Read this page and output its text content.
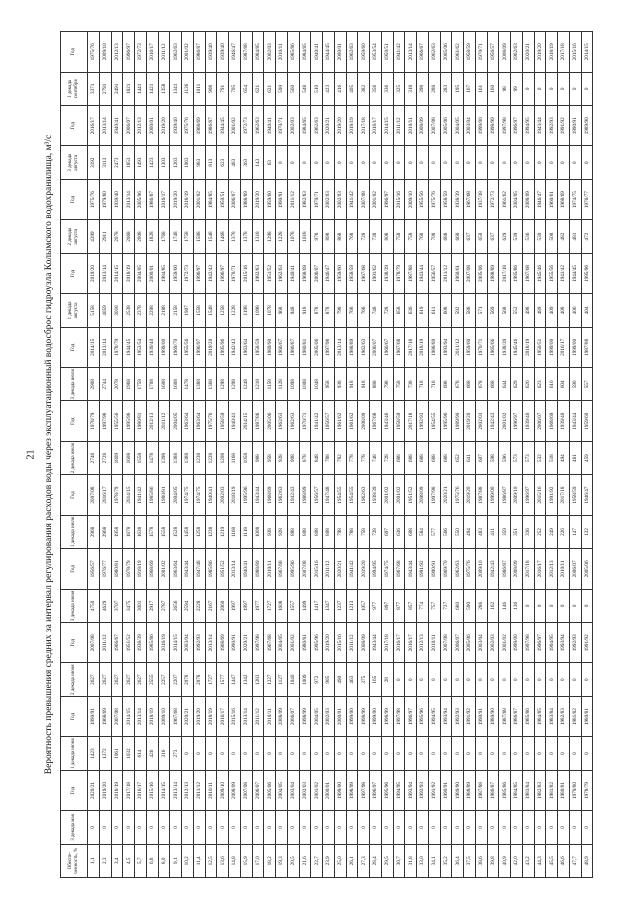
21 Вероятность превышения средних за интервал регулирования расходов воды через эксплуатационный водосброс гидроузла Колымского водохранилища, м³/с
Обеспе-ченность, %	3 декада мая	Год	1 декада июня	Год	2 декада июня	Год	3 декада июня	Год	1 декада июля	Год	2 декада июля	Год	3 декада июля	Год	1 декада августа	Год	2 декада августа	Год	3 декада августа	Год	1 декада сентября	Год
1,1	0	2020/21	1423	1990/91	2627	2007/08	4750	1956/57	2968	2007/08	2748	1978/79	2908	2014/15	5158	2019/20	4399	1975/76	3192	2016/17	3371	1975/76
2,3	0	2019/20	1372	1968/69	2627	2011/12	4629	1976/77	2968	2016/17	2728	1997/98	2744	2013/14	4059	2013/14	2911	1979/80	3113	2013/14	2791	2009/10
3,4	0	2018/19	1061	2007/08	2627	1966/67	3707	1980/81	1958	1978/79	1809	1955/56	2078	1978/79	3018	2014/15	2078	1939/40	2473	1940/41	2491	2012/13
4,5	0	2017/18	1032	2014/15	2627	1951/52	3475	1978/79	1878	2014/15	1608	1995/96	1968	1944/45	2538	2018/19	2068	2013/14	1853	2006/07	1821	1996/97
5,7	0	2016/17	614	2013/14	2627	1938/39	3001	1918/19	1638	1941/42	1558	1980/81	1758	1953/54	2378	2004/05	2008	2005/06	1493	2012/13	1441	1972/73
6,8	0	2015/16	426	2018/19	2555	1985/86	2917	1968/69	1578	1985/86	1478	2012/13	1708	1939/40	2208	2000/01	1828	1986/87	1423	2000/01	1421	2016/17
8,0	0	2014/15	316	2009/10	2257	2018/19	2787	2001/02	1558	1980/81	1398	2011/12	1608	1999/00	2188	1984/85	1768	2016/17	1303	2019/20	1358	2011/12
9,1	0	2013/14	273	1967/68	2207	2014/15	2656	1963/64	1528	2004/05	1388	2004/05	1608	1969/70	2158	1959/60	1748	2019/20	1263	1939/40	1341	1962/63
10,2	0	2012/13	0	2020/21	2078	2003/04	2594	1943/44	1458	1974/75	1388	1963/64	1478	1955/56	1907	1972/73	1758	2018/19	1063	1975/76	1126	2001/02
11,4	0	2011/12	0	2019/20	2078	1992/93	2228	1947/48	1258	1974/75	1238	1963/64	1388	1996/97	1558	1996/97	1588	2001/02	983	1968/69	1011	1986/87
12,5	0	2010/11	0	2018/19	1727	2013/14	2167	1985/86	1238	1940/41	1228	1975/76	1368	2019/20	1548	1942/43	1548	1984/85	813	1986/87	908	1939/40
13,6	0	2009/10	0	2016/17	1577	1968/69	2060	1951/52	1219	2002/03	1208	1958/59	1298	1995/96	1258	1996/97	1468	1950/51	623	1944/45	791	1939/40
14,8	0	2008/09	0	2015/16	1447	1990/91	1997	2013/14	1168	2018/19	1168	1940/41	1298	1942/43	1228	1970/71	1378	2006/07	483	2001/02	705	1946/47
15,9	0	2007/08	0	2013/14	1342	2020/21	1997	1940/41	1118	1995/96	1058	2014/15	1248	1963/64	1198	2015/16	1378	1988/89	363	1972/73	654	1987/88
17,0	0	2006/07	0	2011/12	1283	1997/98	1977	1988/89	1008	1943/44	988	1987/88	1218	1958/59	1098	1982/83	1318	2019/20	143	1962/63	621	1984/85
18,2	0	2005/06	0	2010/11	1227	1967/68	1727	2010/11	938	1968/69	958	2005/06	1158	1989/90	1078	1951/52	1298	1959/60	63	1940/41	621	2002/03
19,3	0	2004/05	0	2008/09	1127	2004/05	1608	1967/68	928	1962/63	928	1962/63	1128	1966/67	968	1962/63	1228	1990/91	0	1970/71	590	2010/11
20,5	0	2003/04	0	2006/07	1040	2001/02	1557	1995/96	888	1942/43	908	1962/63	1098	1986/87	948	1940/41	1078	2011/12	0	2002/03	560	1985/86
21,6	0	2002/03	0	1998/99	1009	1980/81	1499	2007/08	808	1988/89	878	1970/71	1008	1980/81	918	1968/69	1018	1982/83	0	1984/85	548	1984/85
22,7	0	2001/02	0	2004/05	972	1995/96	1417	2015/16	808	1956/57	848	1941/42	1048	2005/06	878	2006/07	978	1970/71	0	1962/63	510	1940/41
23,9	0	2000/01	0	2002/03	905	2019/20	1347	2011/12	808	1947/48	788	1956/57	958	1997/98	878	1946/47	898	2002/03	0	2020/21	423	1944/45
25,0	0	1999/00	0	2000/01	490	2015/16	1237	2020/21	798	1954/55	782	1961/62	938	2013/14	798	1959/60	868	2002/03	0	2019/20	416	2000/01
26,1	0	1998/99	0	1999/00	463	2011/12	1213	1941/42	788	1954/55	778	1961/62	918	1988/89	768	1958/59	768	1941/42	0	2018/19	405	1962/63
27,3	0	1997/98	0	1998/99	375	2008/09	1057	2019/20	758	1962/63	778	2008/09	918	1962/63	768	1967/68	728	2007/08	0	2017/18	382	1959/60
28,4	0	1996/97	0	1999/00	165	1943/44	977	1994/95	728	1938/39	748	1967/68	888	2006/07	748	1901/62	738	2001/02	0	2016/17	356	1953/54
29,5	0	1995/96	0	1998/99	28	2017/18	897	1974/75	697	2001/02	728	1943/46	798	1966/67	728	1938/39	808	1996/97	0	2014/15	336	1950/51
30,7	0	1994/95	0	1997/98	0	2016/17	877	1967/68	636	2001/02	688	1958/59	758	1967/68	658	1978/79	758	2015/16	0	2011/12	325	1941/42
31,8	0	1993/94	0	1996/97	0	2016/17	857	1943/44	608	1951/52	688	2017/18	738	2017/18	636	1987/88	758	2009/10	0	2010/11	318	2013/14
33,0	0	1992/93	0	1995/96	0	2012/13	774	1991/92	584	2008/09	688	1992/93	718	2018/19	619	1943/44	768	1955/56	0	2008/09	398	1966/67
34,1	0	1991/92	0	1994/95	0	2010/11	757	1990/91	577	1997/98	688	1954/55	718	1988/89	611	1956/57	708	1975/76	0	2007/08	288	1962/63
35,2	0	1990/91	0	1993/94	0	2007/08	727	1969/70	566	2020/21	688	1995/96	698	1993/94	608	2011/12	688	1958/59	0	2005/06	283	2005/06
36,4	0	1989/90	0	1992/93	0	2006/07	680	1962/63	550	1975/76	652	1989/90	678	2011/12	592	1960/61	668	1938/39	0	2004/05	195	1961/62
37,5	0	1988/89	0	1991/92	0	2005/06	590	1975/76	494	2019/20	641	2019/20	668	1959/60	588	2007/08	637	1967/68	0	2003/04	167	1958/59
38,6	0	1987/88	0	1990/91	0	2003/04	286	2009/10	483	1987/88	607	2002/03	678	1970/71	571	2005/06	650	1937/38	0	1999/00	161	1970/71
39,8	0	1986/87	0	1989/90	0	2002/03	162	1942/43	411	1999/00	598	1942/43	668	1965/66	569	1988/89	637	1972/73	0	1998/99	160	1956/57
40,9	0	1985/86	0	1987/88	0	2001/02	146	1986/87	359	1986/87	596	2001/02	644	1938/39	568	2017/18	629	1961/62	0	1997/98	98	2008/09
42,0	0	1984/85	0	1986/87	0	1999/00	136	2008/09	351	2009/10	573	1996/97	629	1945/46	552	1985/86	539	2004/05	0	1996/97	99	1962/63
43,2	0	1983/84	0	1985/86	0	1997/98	0	2017/18	336	1996/97	573	1939/40	626	2018/19	498	1967/68	536	2008/09	0	1994/95	0	2020/21
44,3	0	1982/83	0	1984/85	0	1996/97	0	2016/17	252	2015/16	532	2006/07	623	1950/51	489	1945/46	530	1946/47	0	1943/44	0	2019/20
45,5	0	1981/82	0	1983/84	0	1994/95	0	2012/13	249	1991/92	518	1968/69	616	1999/00	409	1955/56	508	1960/61	0	1992/93	0	2018/19
46,6	0	1980/81	0	1982/83	0	1993/94	0	2010/11	226	2017/18	494	1939/40	604	2016/17	408	1941/42	482	1968/69	0	1991/92	0	2017/18
47,7	0	1979/80	0	1981/82	0	1992/93	0	2006/07	147	1958/59	481	1943/44	590	1999/00	406	1944/45	481	1974/75	0	1990/91	0	2015/16
48,9	0	1978/79	0	1980/81	0	1991/92	0	2005/06	132	1946/47	459	1959/60	557	1987/88	404	1995/96	472	1976/77	0	1989/90	0	2014/15
